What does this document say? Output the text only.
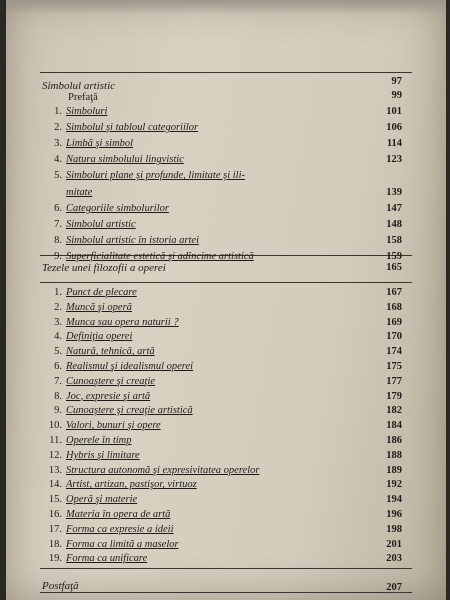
Simbolul artistic	97
Prefaţă	99
1. Simboluri	101
2. Simbolul şi tabloul categoriilor	106
3. Limbă şi simbol	114
4. Natura simbolului lingvistic	123
5. Simboluri plane şi profunde, limitate şi ili-
mitate	139
6. Categoriile simbolurilor	147
7. Simbolul artistic	148
8. Simbolul artistic în istoria artei	158
9. Superficialitate estetică şi adîncime artistică	159
Tezele unei filozofii a operei	165
1. Punct de plecare	167
2. Muncă şi operă	168
3. Munca sau opera naturii ?	169
4. Definiţia operei	170
5. Natură, tehnică, artă	174
6. Realismul şi idealismul operei	175
7. Cunoaştere şi creaţie	177
8. Joc, expresie şi artă	179
9. Cunoaştere şi creaţie artistică	182
10. Valori, bunuri şi opere	184
11. Operele în timp	186
12. Hybris şi limitare	188
13. Structura autonomă şi expresivitatea operelor	189
14. Artist, artizan, pastişor, virtuoz	192
15. Operă şi materie	194
16. Materia în opera de artă	196
17. Forma ca expresie a ideii	198
18. Forma ca limită a maselor	201
19. Forma ca unificare	203
Postfaţă	207
